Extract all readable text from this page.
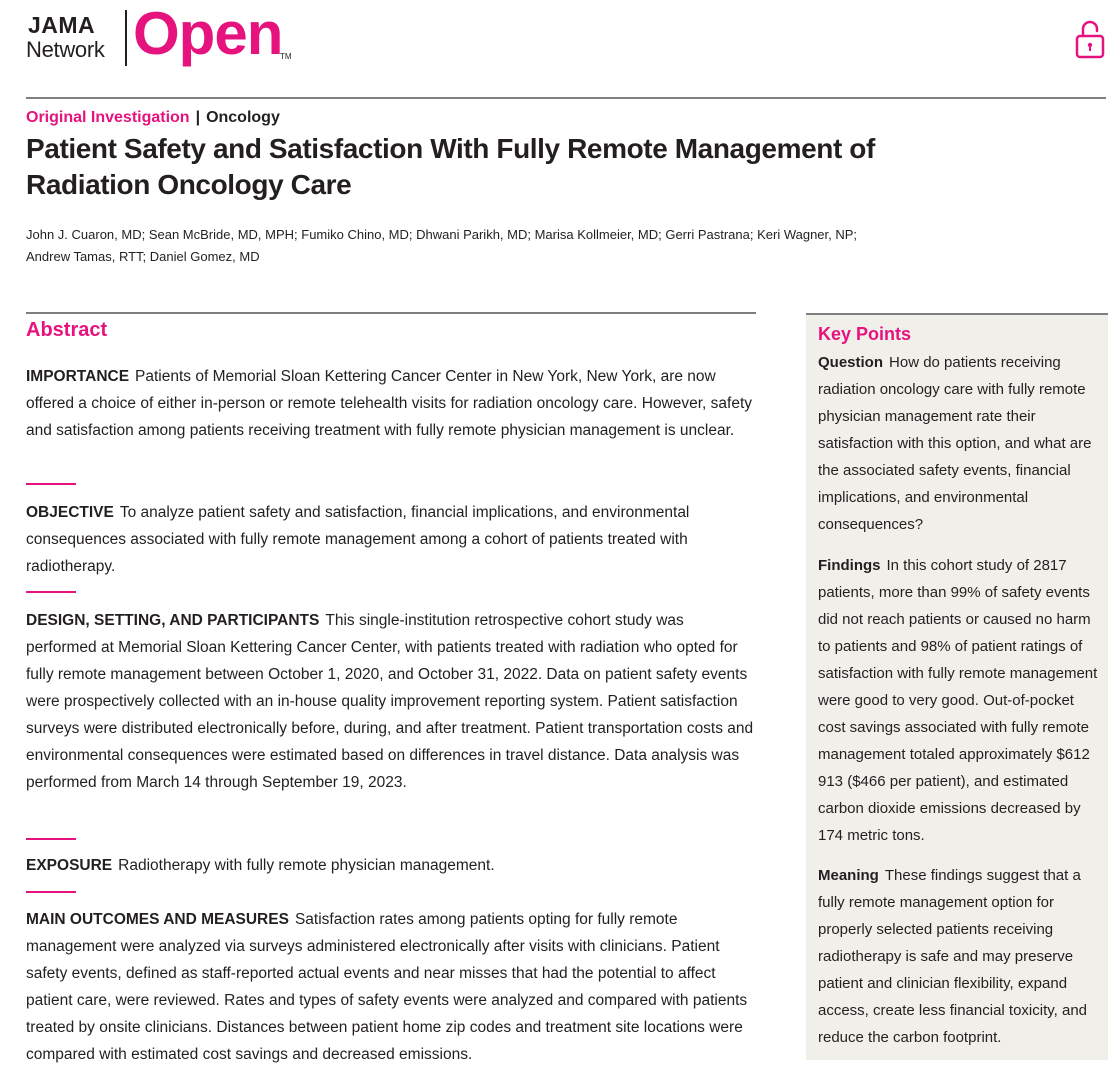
JAMA
Network Open
TM
Original Investigation | Oncology
Patient Safety and Satisfaction With Fully Remote Management of Radiation Oncology Care
John J. Cuaron, MD; Sean McBride, MD, MPH; Fumiko Chino, MD; Dhwani Parikh, MD; Marisa Kollmeier, MD; Gerri Pastrana; Keri Wagner, NP;
Andrew Tamas, RTT; Daniel Gomez, MD
Abstract

IMPORTANCE Patients of Memorial Sloan Kettering Cancer Center in New York, New York, are now offered a choice of either in-person or remote telehealth visits for radiation oncology care. However, safety and satisfaction among patients receiving treatment with fully remote physician management is unclear.

OBJECTIVE To analyze patient safety and satisfaction, financial implications, and environmental consequences associated with fully remote management among a cohort of patients treated with radiotherapy.

DESIGN, SETTING, AND PARTICIPANTS This single-institution retrospective cohort study was performed at Memorial Sloan Kettering Cancer Center, with patients treated with radiation who opted for fully remote management between October 1, 2020, and October 31, 2022. Data on patient safety events were prospectively collected with an in-house quality improvement reporting system. Patient satisfaction surveys were distributed electronically before, during, and after treatment. Patient transportation costs and environmental consequences were estimated based on differences in travel distance. Data analysis was performed from March 14 through September 19, 2023.

EXPOSURE Radiotherapy with fully remote physician management.

MAIN OUTCOMES AND MEASURES Satisfaction rates among patients opting for fully remote management were analyzed via surveys administered electronically after visits with clinicians. Patient safety events, defined as staff-reported actual events and near misses that had the potential to affect patient care, were reviewed. Rates and types of safety events were analyzed and compared with patients treated by onsite clinicians. Distances between patient home zip codes and treatment site locations were compared with estimated cost savings and decreased emissions.

Key Points

Question How do patients receiving radiation oncology care with fully remote physician management rate their satisfaction with this option, and what are the associated safety events, financial implications, and environmental consequences?

Findings In this cohort study of 2817 patients, more than 99% of safety events did not reach patients or caused no harm to patients and 98% of patient ratings of satisfaction with fully remote management were good to very good. Out-of-pocket cost savings associated with fully remote management totaled approximately $612 913 ($466 per patient), and estimated carbon dioxide emissions decreased by 174 metric tons.

Meaning These findings suggest that a fully remote management option for properly selected patients receiving radiotherapy is safe and may preserve patient and clinician flexibility, expand access, create less financial toxicity, and reduce the carbon footprint.
